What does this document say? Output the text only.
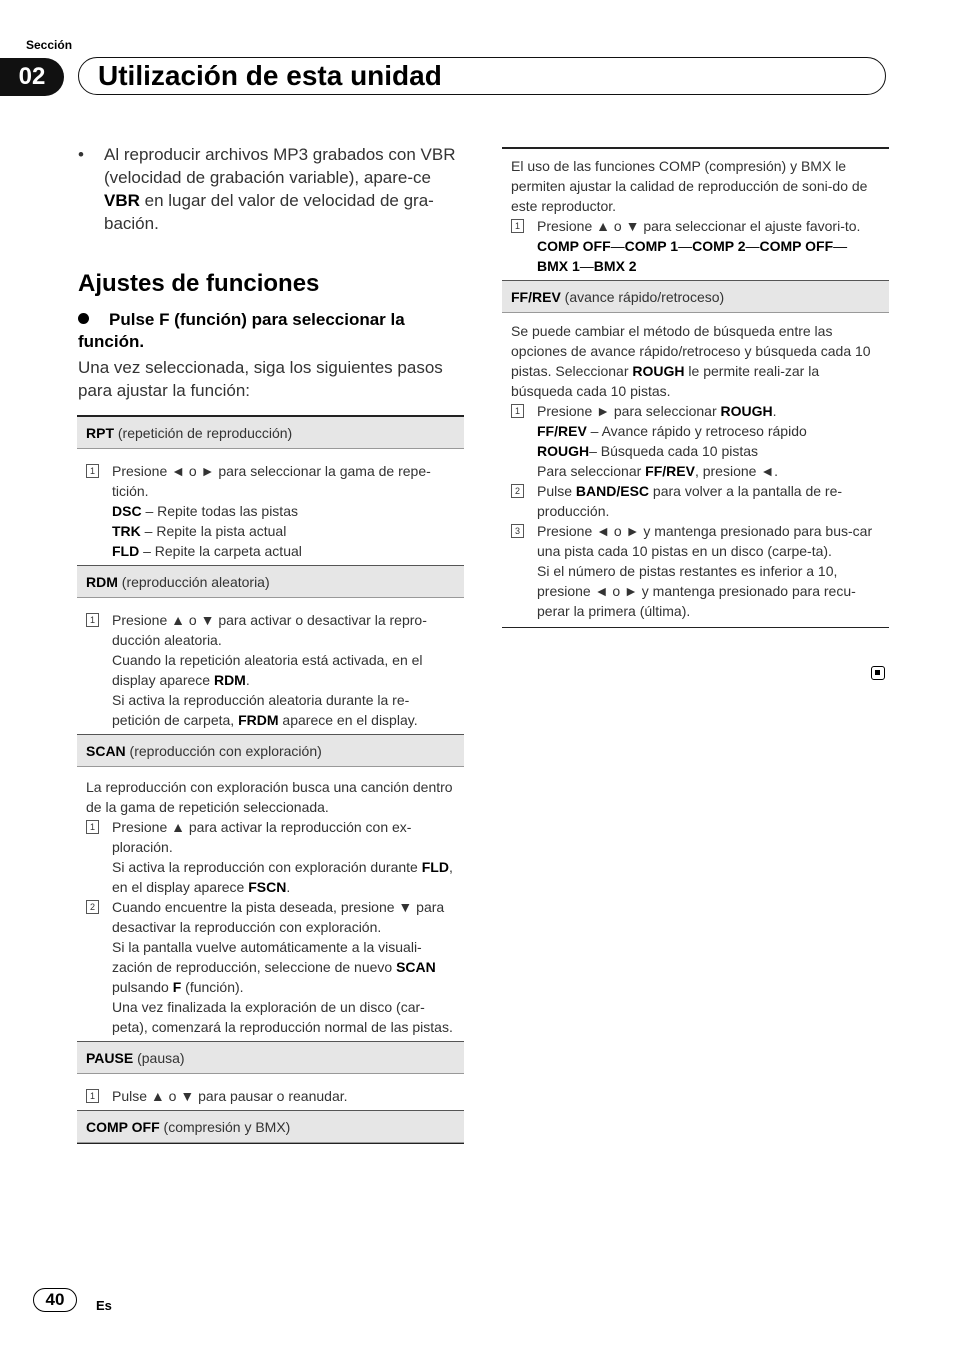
Sección
02	Utilización de esta unidad
• Al reproducir archivos MP3 grabados con VBR (velocidad de grabación variable), apare-ce VBR en lugar del valor de velocidad de gra-bación.
Ajustes de funciones
Pulse F (función) para seleccionar la función.
Una vez seleccionada, siga los siguientes pasos para ajustar la función:
RPT (repetición de reproducción)
1 Presione ◄ o ► para seleccionar la gama de repe-tición.
DSC – Repite todas las pistas
TRK – Repite la pista actual
FLD – Repite la carpeta actual
RDM (reproducción aleatoria)
1 Presione ▲ o ▼ para activar o desactivar la repro-ducción aleatoria.
Cuando la repetición aleatoria está activada, en el display aparece RDM.
Si activa la reproducción aleatoria durante la re-petición de carpeta, FRDM aparece en el display.
SCAN (reproducción con exploración)
La reproducción con exploración busca una canción dentro de la gama de repetición seleccionada.
1 Presione ▲ para activar la reproducción con ex-ploración.
Si activa la reproducción con exploración durante FLD, en el display aparece FSCN.
2 Cuando encuentre la pista deseada, presione ▼ para desactivar la reproducción con exploración.
Si la pantalla vuelve automáticamente a la visuali-zación de reproducción, seleccione de nuevo SCAN pulsando F (función).
Una vez finalizada la exploración de un disco (car-peta), comenzará la reproducción normal de las pistas.
PAUSE (pausa)
1 Pulse ▲ o ▼ para pausar o reanudar.
COMP OFF (compresión y BMX)
El uso de las funciones COMP (compresión) y BMX le permiten ajustar la calidad de reproducción de soni-do de este reproductor.
1 Presione ▲ o ▼ para seleccionar el ajuste favori-to.
COMP OFF—COMP 1—COMP 2—COMP OFF—
BMX 1—BMX 2
FF/REV (avance rápido/retroceso)
Se puede cambiar el método de búsqueda entre las opciones de avance rápido/retroceso y búsqueda cada 10 pistas. Seleccionar ROUGH le permite reali-zar la búsqueda cada 10 pistas.
1 Presione ► para seleccionar ROUGH.
FF/REV – Avance rápido y retroceso rápido
ROUGH– Búsqueda cada 10 pistas
Para seleccionar FF/REV, presione ◄.
2 Pulse BAND/ESC para volver a la pantalla de re-producción.
3 Presione ◄ o ► y mantenga presionado para bus-car una pista cada 10 pistas en un disco (carpe-ta).
Si el número de pistas restantes es inferior a 10, presione ◄ o ► y mantenga presionado para recu-perar la primera (última).
40	Es
